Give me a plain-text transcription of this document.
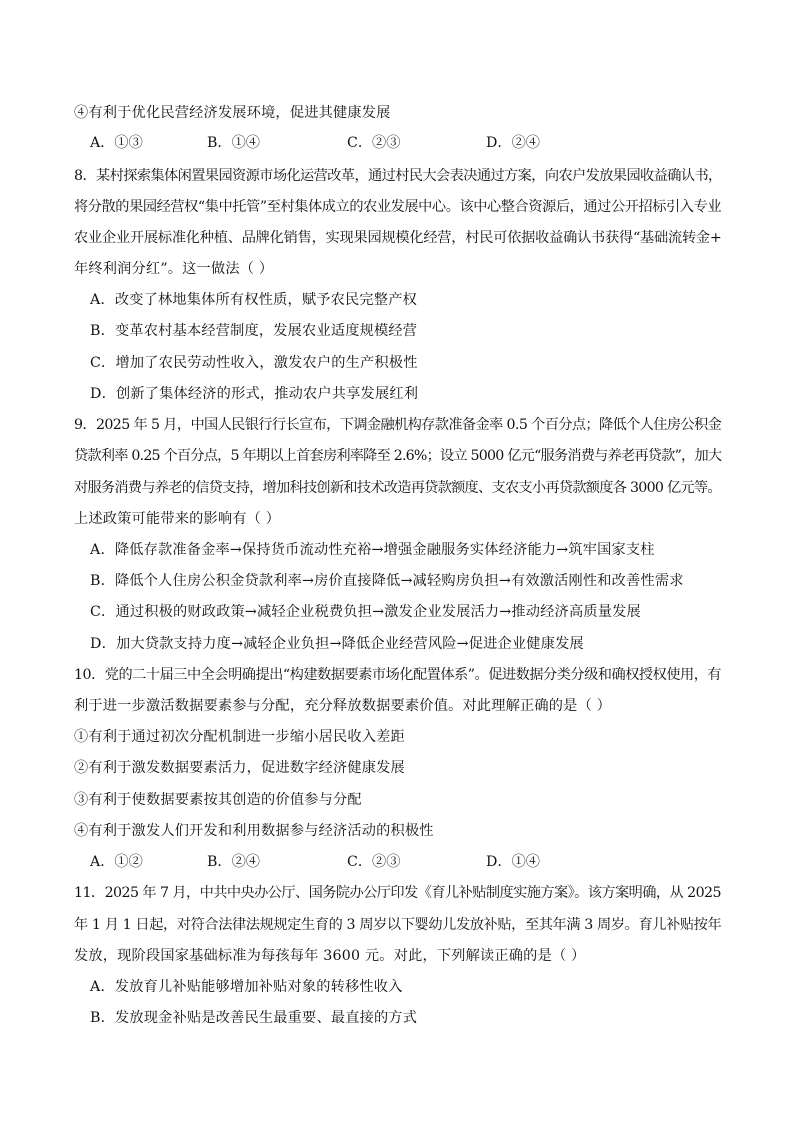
④有利于优化民营经济发展环境，促进其健康发展
A．①③	B．①④	C．②③	D．②④
8．某村探索集体闲置果园资源市场化运营改革，通过村民大会表决通过方案，向农户发放果园收益确认书，
将分散的果园经营权“集中托管”至村集体成立的农业发展中心。该中心整合资源后，通过公开招标引入专业
农业企业开展标准化种植、品牌化销售，实现果园规模化经营，村民可依据收益确认书获得“基础流转金+
年终利润分红”。这一做法（ ）
A．改变了林地集体所有权性质，赋予农民完整产权
B．变革农村基本经营制度，发展农业适度规模经营
C．增加了农民劳动性收入，激发农户的生产积极性
D．创新了集体经济的形式，推动农户共享发展红利
9．2025 年 5 月，中国人民银行行长宣布，下调金融机构存款准备金率 0.5 个百分点；降低个人住房公积金
贷款利率 0.25 个百分点，5 年期以上首套房利率降至 2.6%；设立 5000 亿元“服务消费与养老再贷款”，加大
对服务消费与养老的信贷支持，增加科技创新和技术改造再贷款额度、支农支小再贷款额度各 3000 亿元等。
上述政策可能带来的影响有（ ）
A．降低存款准备金率→保持货币流动性充裕→增强金融服务实体经济能力→筑牢国家支柱
B．降低个人住房公积金贷款利率→房价直接降低→减轻购房负担→有效激活刚性和改善性需求
C．通过积极的财政政策→减轻企业税费负担→激发企业发展活力→推动经济高质量发展
D．加大贷款支持力度→减轻企业负担→降低企业经营风险→促进企业健康发展
10．党的二十届三中全会明确提出“构建数据要素市场化配置体系”。促进数据分类分级和确权授权使用，有
利于进一步激活数据要素参与分配，充分释放数据要素价值。对此理解正确的是（ ）
①有利于通过初次分配机制进一步缩小居民收入差距
②有利于激发数据要素活力，促进数字经济健康发展
③有利于使数据要素按其创造的价值参与分配
④有利于激发人们开发和利用数据参与经济活动的积极性
A．①②	B．②④	C．②③	D．①④
11．2025 年 7 月，中共中央办公厅、国务院办公厅印发《育儿补贴制度实施方案》。该方案明确，从 2025
年 1 月 1 日起，对符合法律法规规定生育的 3 周岁以下婴幼儿发放补贴，至其年满 3 周岁。育儿补贴按年
发放，现阶段国家基础标准为每孩每年 3600 元。对此，下列解读正确的是（ ）
A．发放育儿补贴能够增加补贴对象的转移性收入
B．发放现金补贴是改善民生最重要、最直接的方式
